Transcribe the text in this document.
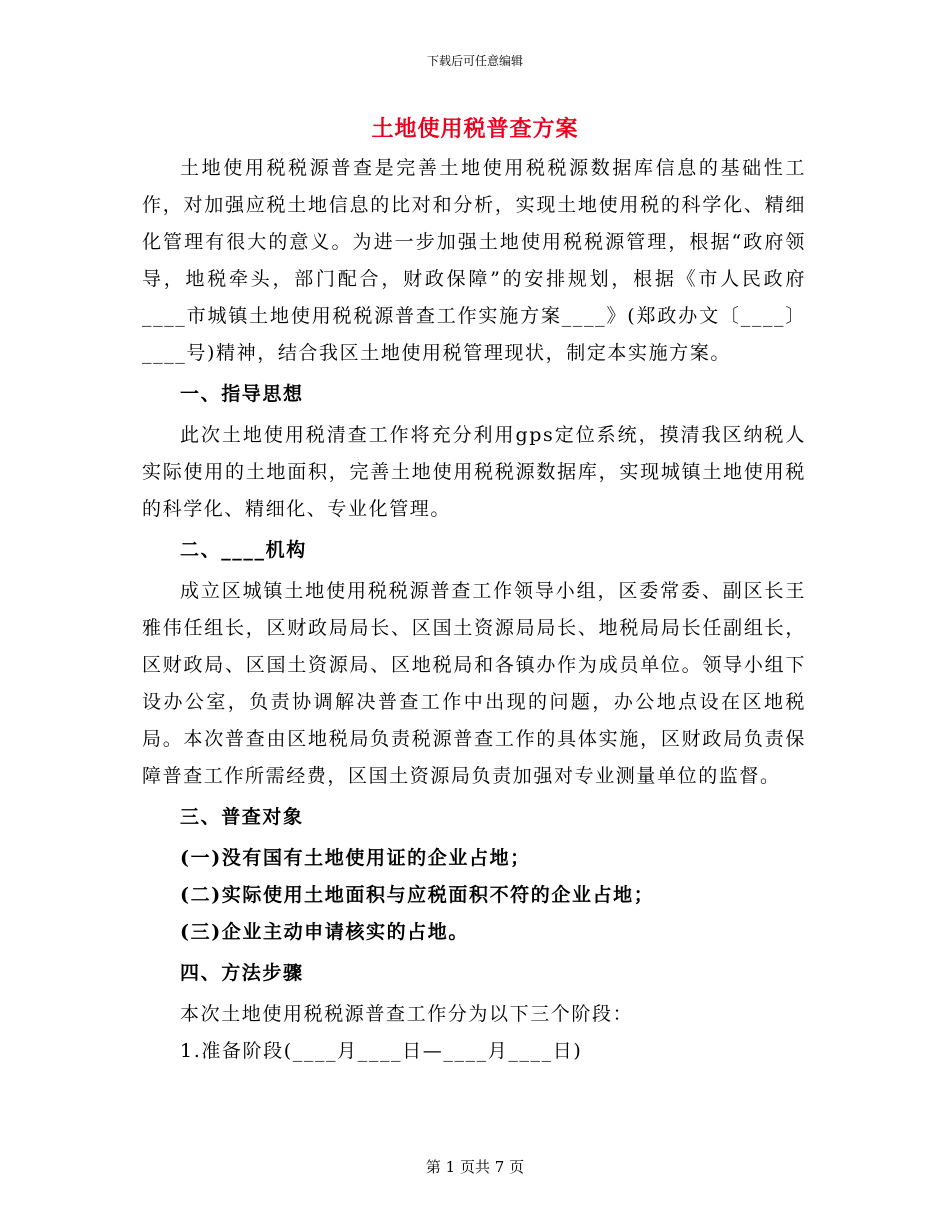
下载后可任意编辑
土地使用税普查方案

土地使用税税源普查是完善土地使用税税源数据库信息的基础性工作，对加强应税土地信息的比对和分析，实现土地使用税的科学化、精细化管理有很大的意义。为进一步加强土地使用税税源管理，根据“政府领导，地税牵头，部门配合，财政保障”的安排规划，根据《市人民政府____市城镇土地使用税税源普查工作实施方案____》(郑政办文〔____〕____号)精神，结合我区土地使用税管理现状，制定本实施方案。

一、指导思想

此次土地使用税清查工作将充分利用gps定位系统，摸清我区纳税人实际使用的土地面积，完善土地使用税税源数据库，实现城镇土地使用税的科学化、精细化、专业化管理。

二、____机构

成立区城镇土地使用税税源普查工作领导小组，区委常委、副区长王雅伟任组长，区财政局局长、区国土资源局局长、地税局局长任副组长，区财政局、区国土资源局、区地税局和各镇办作为成员单位。领导小组下设办公室，负责协调解决普查工作中出现的问题，办公地点设在区地税局。本次普查由区地税局负责税源普查工作的具体实施，区财政局负责保障普查工作所需经费，区国土资源局负责加强对专业测量单位的监督。

三、普查对象

(一)没有国有土地使用证的企业占地；

(二)实际使用土地面积与应税面积不符的企业占地；

(三)企业主动申请核实的占地。

四、方法步骤

本次土地使用税税源普查工作分为以下三个阶段：

1.准备阶段(____月____日—____月____日)

第 1 页共 7 页
